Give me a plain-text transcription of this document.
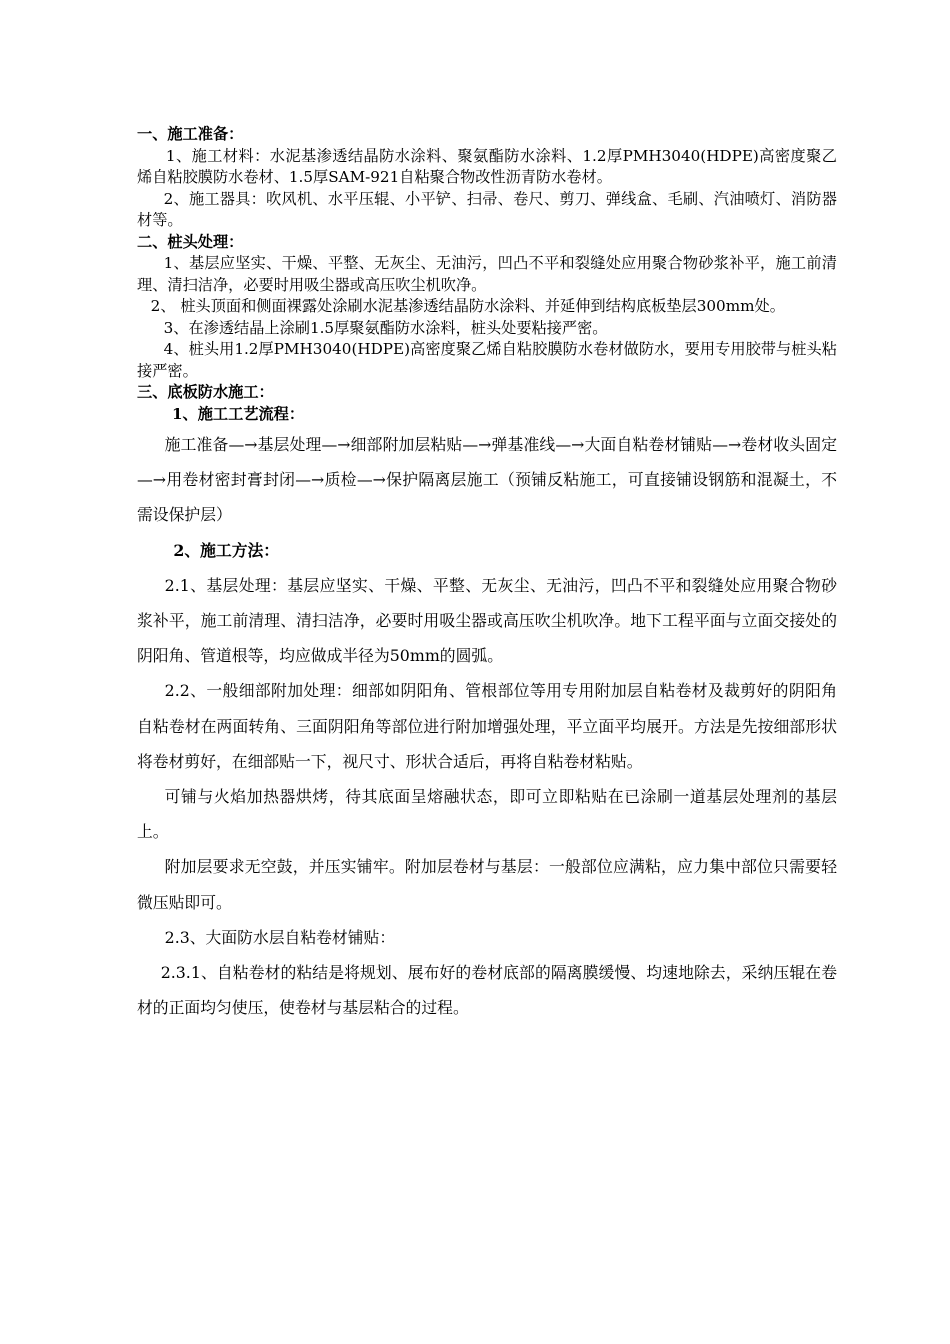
一、施工准备：

1、施工材料：水泥基渗透结晶防水涂料、聚氨酯防水涂料、1.2厚PMH3040(HDPE)高密度聚乙烯自粘胶膜防水卷材、1.5厚SAM-921自粘聚合物改性沥青防水卷材。

2、施工器具：吹风机、水平压辊、小平铲、扫帚、卷尺、剪刀、弹线盒、毛刷、汽油喷灯、消防器材等。

二、桩头处理：

1、基层应坚实、干燥、平整、无灰尘、无油污，凹凸不平和裂缝处应用聚合物砂浆补平，施工前清理、清扫洁净，必要时用吸尘器或高压吹尘机吹净。

2、 桩头顶面和侧面裸露处涂刷水泥基渗透结晶防水涂料、并延伸到结构底板垫层300mm处。

3、在渗透结晶上涂刷1.5厚聚氨酯防水涂料，桩头处要粘接严密。

4、桩头用1.2厚PMH3040(HDPE)高密度聚乙烯自粘胶膜防水卷材做防水，要用专用胶带与桩头粘接严密。

三、底板防水施工：

1、施工工艺流程：

施工准备—→基层处理—→细部附加层粘贴—→弹基准线—→大面自粘卷材铺贴—→卷材收头固定—→用卷材密封膏封闭—→质检—→保护隔离层施工（预铺反粘施工，可直接铺设钢筋和混凝土，不需设保护层）

2、施工方法：

2.1、基层处理：基层应坚实、干燥、平整、无灰尘、无油污，凹凸不平和裂缝处应用聚合物砂浆补平，施工前清理、清扫洁净，必要时用吸尘器或高压吹尘机吹净。地下工程平面与立面交接处的阴阳角、管道根等，均应做成半径为50mm的圆弧。

2.2、一般细部附加处理：细部如阴阳角、管根部位等用专用附加层自粘卷材及裁剪好的阴阳角自粘卷材在两面转角、三面阴阳角等部位进行附加增强处理，平立面平均展开。方法是先按细部形状将卷材剪好，在细部贴一下，视尺寸、形状合适后，再将自粘卷材粘贴。

可铺与火焰加热器烘烤，待其底面呈熔融状态，即可立即粘贴在已涂刷一道基层处理剂的基层上。

附加层要求无空鼓，并压实铺牢。附加层卷材与基层：一般部位应满粘，应力集中部位只需要轻微压贴即可。

2.3、大面防水层自粘卷材铺贴：

2.3.1、自粘卷材的粘结是将规划、展布好的卷材底部的隔离膜缓慢、均速地除去，采纳压辊在卷材的正面均匀使压，使卷材与基层粘合的过程。
